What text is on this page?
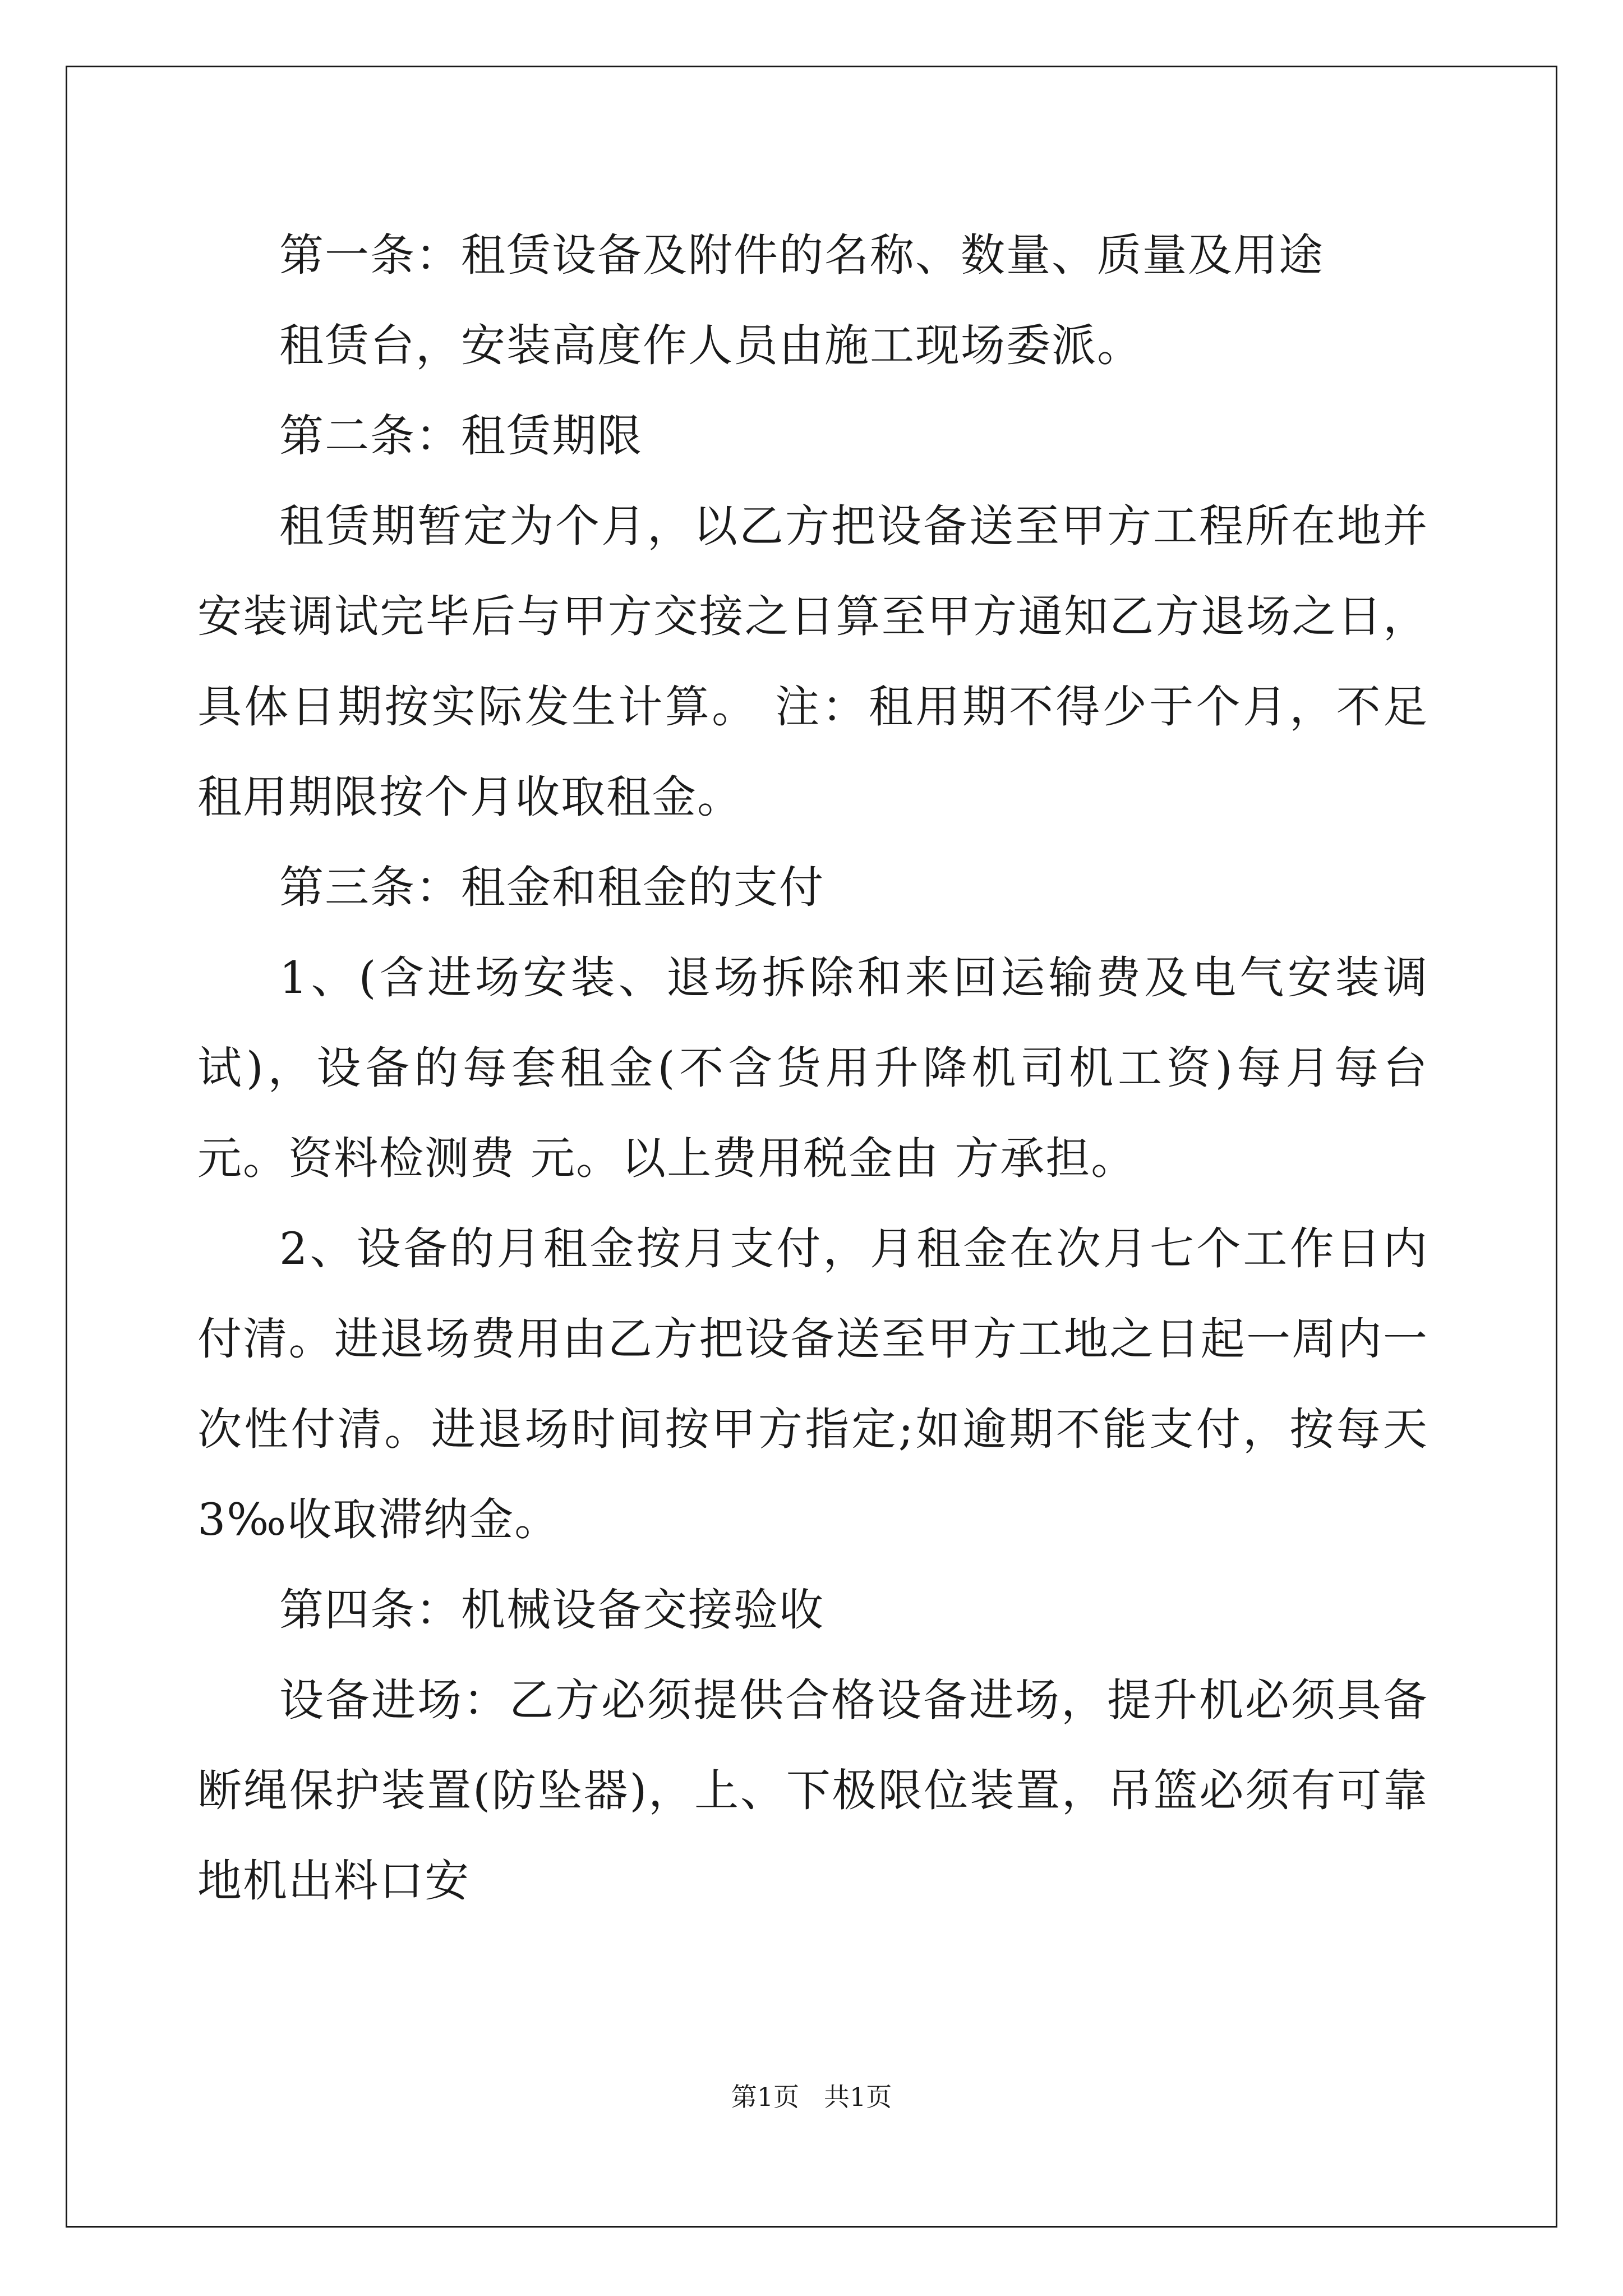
第一条：租赁设备及附件的名称、数量、质量及用途

租赁台，安装高度作人员由施工现场委派。

第二条：租赁期限

租赁期暂定为个月，以乙方把设备送至甲方工程所在地并安装调试完毕后与甲方交接之日算至甲方通知乙方退场之日，具体日期按实际发生计算。 注：租用期不得少于个月，不足租用期限按个月收取租金。

第三条：租金和租金的支付

1、(含进场安装、退场拆除和来回运输费及电气安装调试)，设备的每套租金(不含货用升降机司机工资)每月每台 元。资料检测费 元。以上费用税金由 方承担。

2、设备的月租金按月支付，月租金在次月七个工作日内付清。进退场费用由乙方把设备送至甲方工地之日起一周内一次性付清。进退场时间按甲方指定;如逾期不能支付，按每天3‰收取滞纳金。

第四条：机械设备交接验收

设备进场：乙方必须提供合格设备进场，提升机必须具备断绳保护装置(防坠器)，上、下极限位装置，吊篮必须有可靠地机出料口安

第1页 共1页
